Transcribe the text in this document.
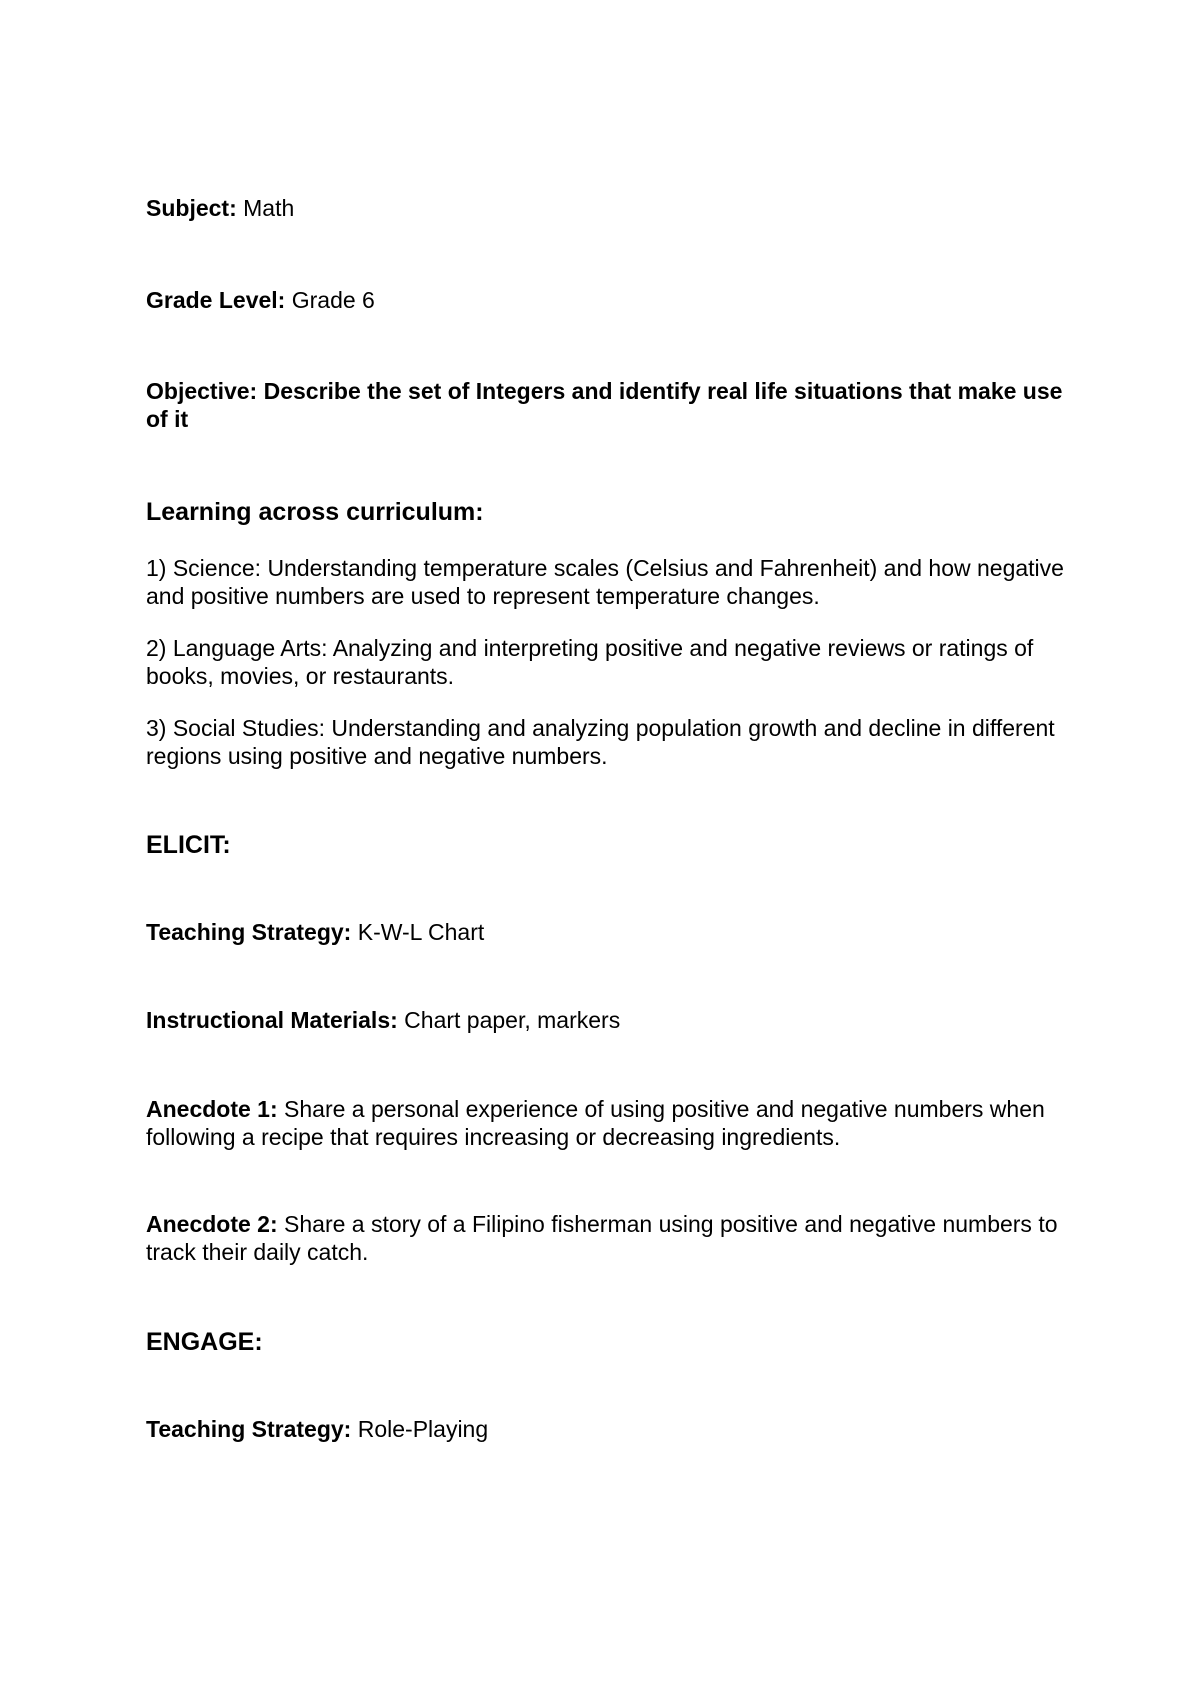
Subject: Math
Grade Level: Grade 6
Objective: Describe the set of Integers and identify real life situations that make use of it
Learning across curriculum:
1) Science: Understanding temperature scales (Celsius and Fahrenheit) and how negative and positive numbers are used to represent temperature changes.
2) Language Arts: Analyzing and interpreting positive and negative reviews or ratings of books, movies, or restaurants.
3) Social Studies: Understanding and analyzing population growth and decline in different regions using positive and negative numbers.
ELICIT:
Teaching Strategy: K-W-L Chart
Instructional Materials: Chart paper, markers
Anecdote 1: Share a personal experience of using positive and negative numbers when following a recipe that requires increasing or decreasing ingredients.
Anecdote 2: Share a story of a Filipino fisherman using positive and negative numbers to track their daily catch.
ENGAGE:
Teaching Strategy: Role-Playing
